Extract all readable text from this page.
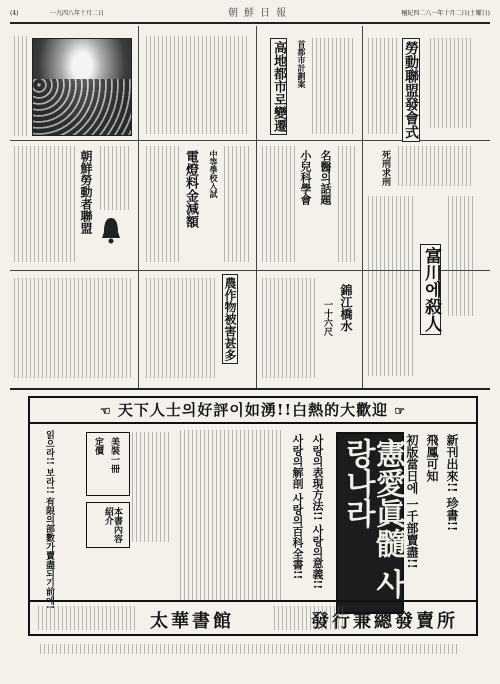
(4)	一九四八年十月二日	朝鮮日報	檀紀四二八一年十月二日(土曜日)
勞動聯盟發會式
死刑求刑
富川에殺人
高地都市로變遷 首都市計劃案
小兒科學會 名醫의話題
錦江橋水
一十六尺
電燈料金減額 中等學校入試
農作物被害甚多
朝鮮勞動者聯盟
☜ 天下人士의好評이如湧!!白熱的大歡迎 ☞
憲愛眞髓 사랑나라	新刊出來!! 珍書!!
飛鳳可知
初版當日에 一千部賣盡!!
사랑의表現方法!! 사랑의意義!!
사랑의解剖 사랑의百科全書!!
美裝一冊
定價
本書內容紹介
읽으라!! 보라!! 有限의部數가賣盡되기前에!
發行兼總發賣所
太華書館
